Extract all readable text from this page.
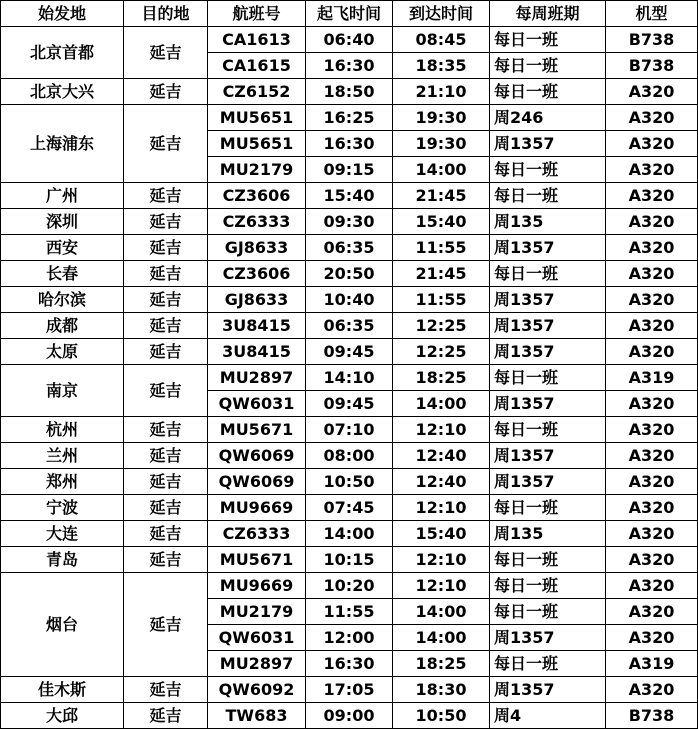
始发地	目的地	航班号	起飞时间	到达时间	每周班期	机型
北京首都	延吉	CA1613	06:40	08:45	每日一班	B738
		CA1615	16:30	18:35	每日一班	B738
北京大兴	延吉	CZ6152	18:50	21:10	每日一班	A320
上海浦东	延吉	MU5651	16:25	19:30	周246	A320
		MU5651	16:30	19:30	周1357	A320
		MU2179	09:15	14:00	每日一班	A320
广州	延吉	CZ3606	15:40	21:45	每日一班	A320
深圳	延吉	CZ6333	09:30	15:40	周135	A320
西安	延吉	GJ8633	06:35	11:55	周1357	A320
长春	延吉	CZ3606	20:50	21:45	每日一班	A320
哈尔滨	延吉	GJ8633	10:40	11:55	周1357	A320
成都	延吉	3U8415	06:35	12:25	周1357	A320
太原	延吉	3U8415	09:45	12:25	周1357	A320
南京	延吉	MU2897	14:10	18:25	每日一班	A319
		QW6031	09:45	14:00	周1357	A320
杭州	延吉	MU5671	07:10	12:10	每日一班	A320
兰州	延吉	QW6069	08:00	12:40	周1357	A320
郑州	延吉	QW6069	10:50	12:40	周1357	A320
宁波	延吉	MU9669	07:45	12:10	每日一班	A320
大连	延吉	CZ6333	14:00	15:40	周135	A320
青岛	延吉	MU5671	10:15	12:10	每日一班	A320
烟台	延吉	MU9669	10:20	12:10	每日一班	A320
		MU2179	11:55	14:00	每日一班	A320
		QW6031	12:00	14:00	周1357	A320
		MU2897	16:30	18:25	每日一班	A319
佳木斯	延吉	QW6092	17:05	18:30	周1357	A320
大邱	延吉	TW683	09:00	10:50	周4	B738
